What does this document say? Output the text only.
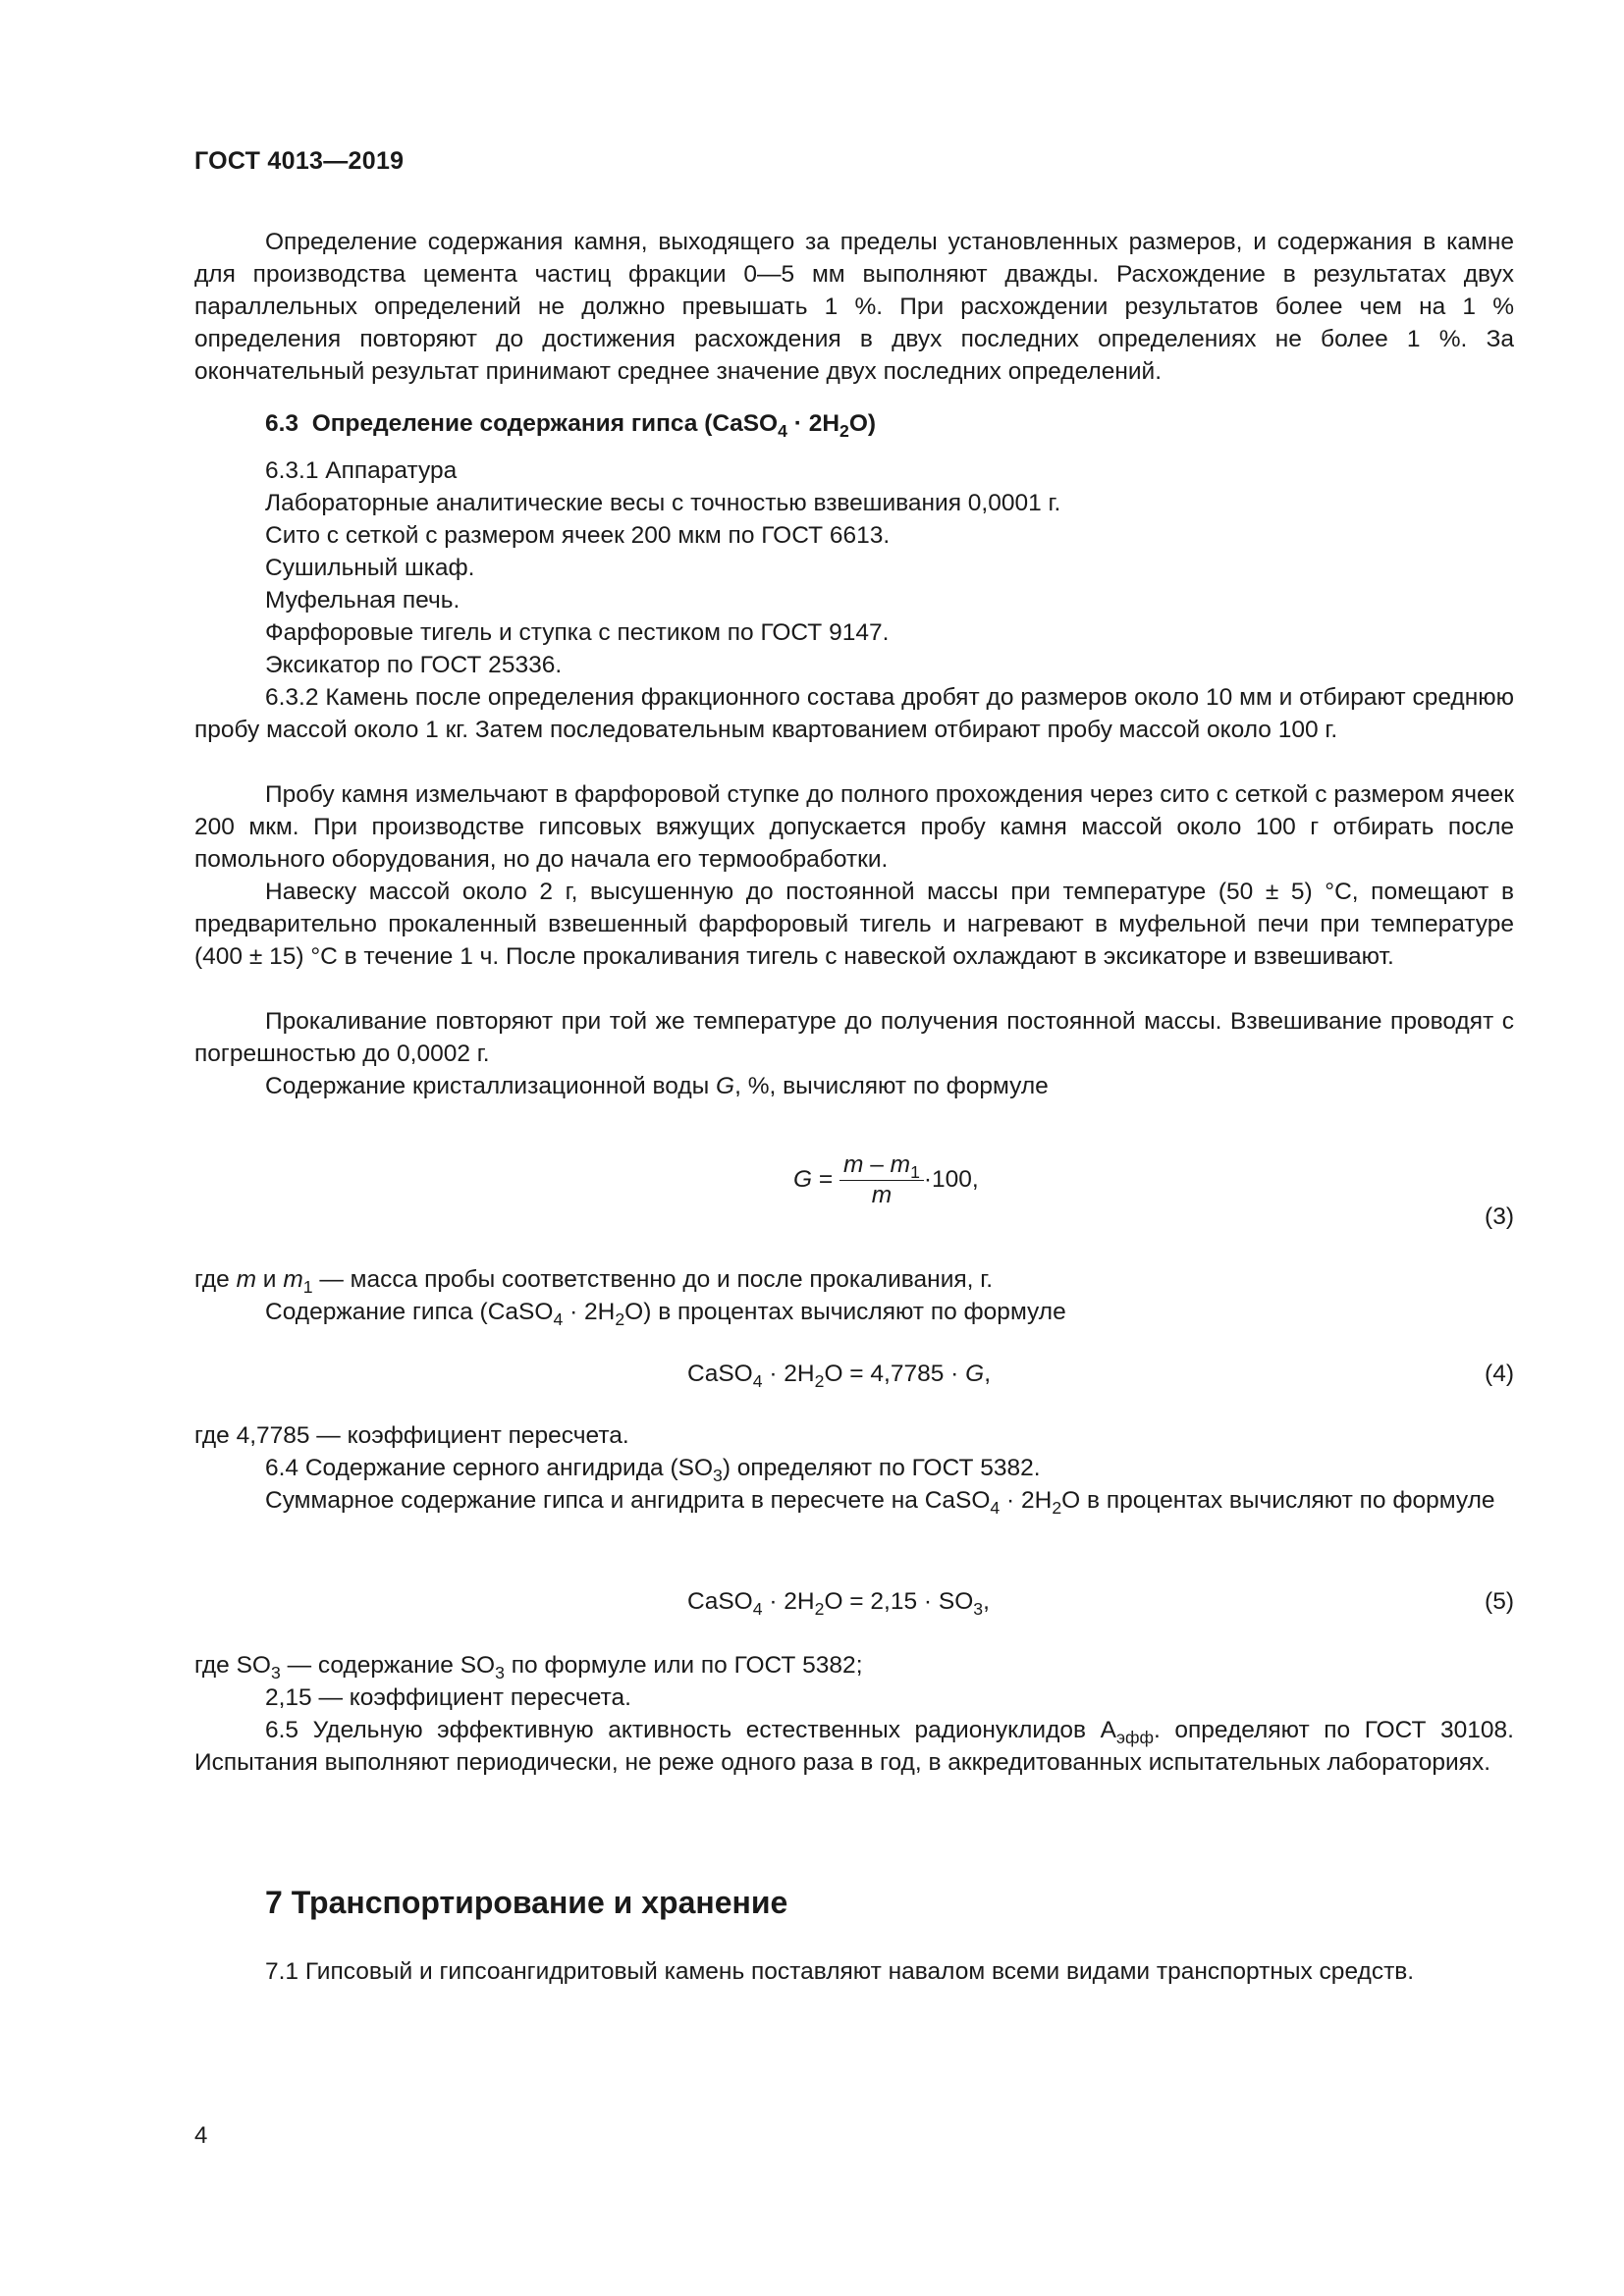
ГОСТ 4013—2019

Определение содержания камня, выходящего за пределы установленных размеров, и содержания в камне для производства цемента частиц фракции 0—5 мм выполняют дважды. Расхождение в результатах двух параллельных определений не должно превышать 1 %. При расхождении результатов более чем на 1 % определения повторяют до достижения расхождения в двух последних определениях не более 1 %. За окончательный результат принимают среднее значение двух последних определений.

6.3 Определение содержания гипса (CaSO$_4$ · $2H_2O$)
6.3.1 Аппаратура
Лабораторные аналитические весы с точностью взвешивания 0,0001 г.
Сито с сеткой с размером ячеек 200 мкм по ГОСТ 6613.
Сушильный шкаф.
Муфельная печь.
Фарфоровые тигель и ступка с пестиком по ГОСТ 9147.
Эксикатор по ГОСТ 25336.

6.3.2 Камень после определения фракционного состава дробят до размеров около 10 мм и отбирают среднюю пробу массой около 1 кг. Затем последовательным квартованием отбирают пробу массой около 100 г.

Пробу камня измельчают в фарфоровой ступке до полного прохождения через сито с сеткой с размером ячеек 200 мкм. При производстве гипсовых вяжущих допускается пробу камня массой около 100 г отбирать после помольного оборудования, но до начала его термообработки.

Навеску массой около 2 г, высушенную до постоянной массы при температуре (50 ± 5) °С, помещают в предварительно прокаленный взвешенный фарфоровый тигель и нагревают в муфельной печи при температуре (400 ± 15) °С в течение 1 ч. После прокаливания тигель с навеской охлаждают в эксикаторе и взвешивают.

Прокаливание повторяют при той же температуре до получения постоянной массы. Взвешивание проводят с погрешностью до 0,0002 г.

Содержание кристаллизационной воды G, %, вычисляют по формуле
$G = \frac{m - m_1}{m} \cdot 100$,
(3)
где m и $m_1$ — масса пробы соответственно до и после прокаливания, г.
Содержание гипса (CaSO$_4$ · $2H_2O$) в процентах вычисляют по формуле
CaSO$_4$ · $2H_2O = 4,7785 \cdot G$,	(4)
где 4,7785 — коэффициент пересчета.
6.4 Содержание серного ангидрида $(SO_3)$ определяют по ГОСТ 5382.

Суммарное содержание гипса и ангидрита в пересчете на CaSO$_4$ · $2H_2O$ в процентах вычисляют по формуле

CaSO$_4$ · $2H_2O = 2,15 \cdot SO_3$,	(5)
где $SO_3$ — содержание $SO_3$ по формуле или по ГОСТ 5382;
2,15 — коэффициент пересчета.

6.5 Удельную эффективную активность естественных радионуклидов $А_{эфф}$. определяют по ГОСТ 30108. Испытания выполняют периодически, не реже одного раза в год, в аккредитованных испытательных лабораториях.

7 Транспортирование и хранение

7.1 Гипсовый и гипсоангидритовый камень поставляют навалом всеми видами транспортных средств.

4
